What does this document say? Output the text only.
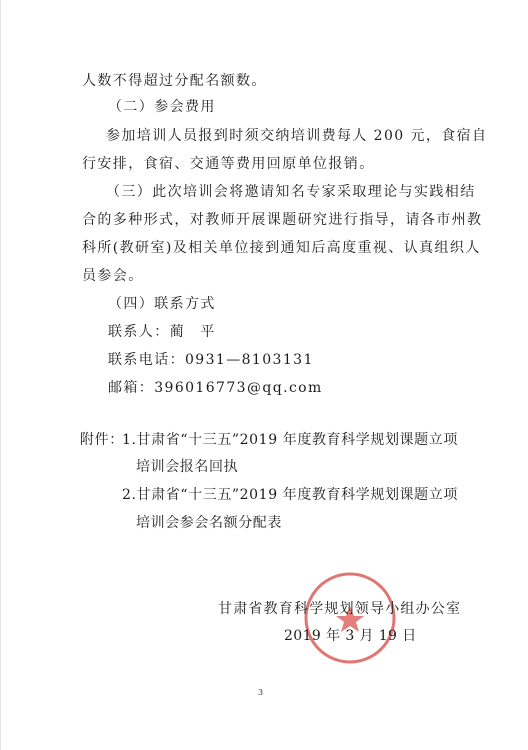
人数不得超过分配名额数。
（二）参会费用
参加培训人员报到时须交纳培训费每人 200 元，食宿自
行安排，食宿、交通等费用回原单位报销。
（三）此次培训会将邀请知名专家采取理论与实践相结
合的多种形式，对教师开展课题研究进行指导，请各市州教
科所(教研室)及相关单位接到通知后高度重视、认真组织人
员参会。
（四）联系方式
联系人：蔺　平
联系电话：0931—8103131
邮箱：396016773@qq.com
附件：
1.甘肃省“十三五”2019 年度教育科学规划课题立项
培训会报名回执
2.甘肃省“十三五”2019 年度教育科学规划课题立项
培训会参会名额分配表
甘肃省教育科学规划领导小组办公室
2019 年 3 月 19 日
3
